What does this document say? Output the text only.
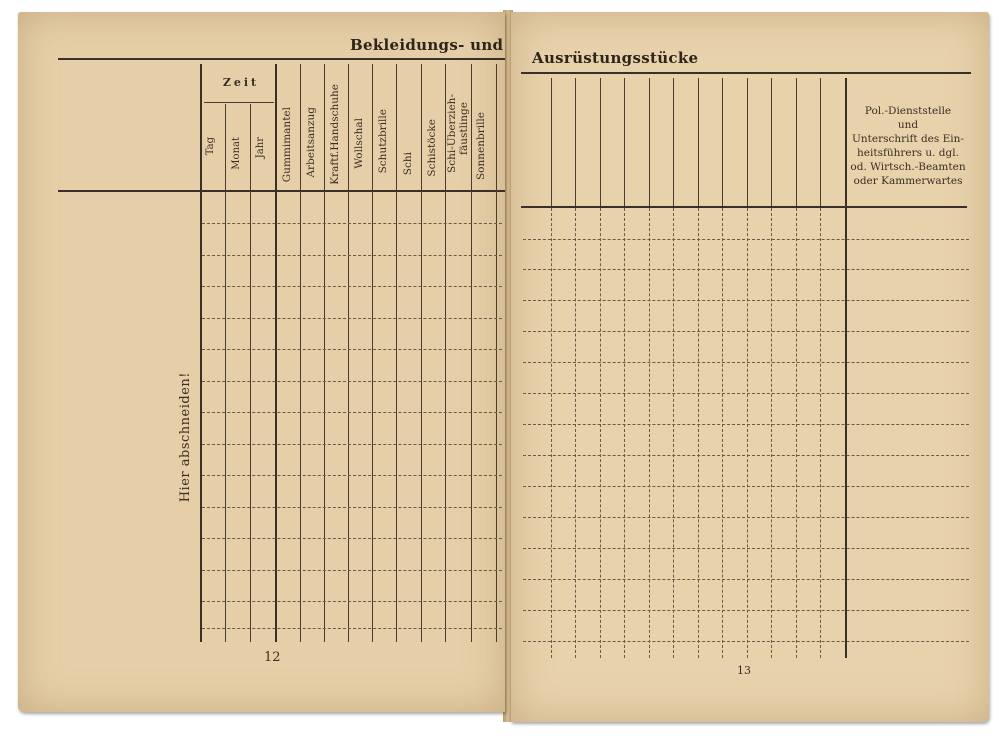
Bekleidungs- und
Zeit
Tag Monat Jahr Gummimantel Arbeitsanzug Kraftf.Handschuhe Wollschal Schutzbrille Schi Schistöcke Schi-Überzieh- fäustlinge Sonnenbrille
Hier abschneiden!
12
Ausrüstungsstücke
Pol.-Dienststelle
und
Unterschrift des Ein-
heitsführers u. dgl.
od. Wirtsch.-Beamten
oder Kammerwartes
13
